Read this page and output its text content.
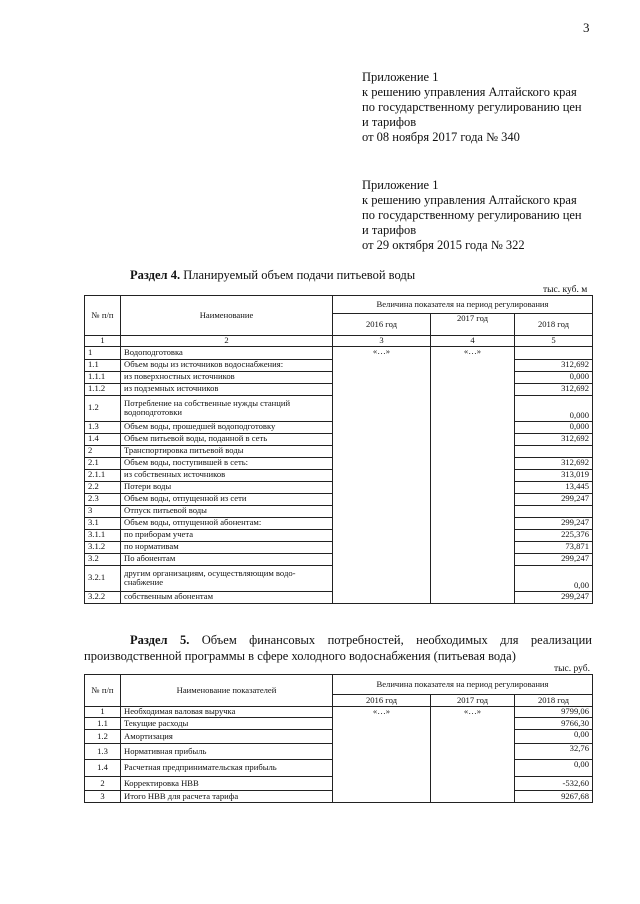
3
Приложение 1
к решению управления Алтайского края
по государственному регулированию цен
и тарифов
от 08 ноября 2017 года № 340
Приложение 1
к решению управления Алтайского края
по государственному регулированию цен
и тарифов
от 29 октября 2015 года № 322
Раздел 4. Планируемый объем подачи питьевой воды
тыс. куб. м
№ п/п	Наименование	Величина показателя на период регулирования		
		2016 год	2017 год	2018 год
1	2	3	4	5
1	Водоподготовка	«…»	«…»	
1.1	Объем воды из источников водоснабжения:			312,692
1.1.1	из поверхностных источников			0,000
1.1.2	из подземных источников			312,692
1.2	Потребление на собственные нужды станций водоподготовки			0,000
1.3	Объем воды, прошедшей водоподготовку			0,000
1.4	Объем питьевой воды, поданной в сеть			312,692
2	Транспортировка питьевой воды			
2.1	Объем воды, поступившей в сеть:			312,692
2.1.1	из собственных источников			313,019
2.2	Потери воды			13,445
2.3	Объем воды, отпущенной из сети			299,247
3	Отпуск питьевой воды			
3.1	Объем воды, отпущенной абонентам:			299,247
3.1.1	по приборам учета			225,376
3.1.2	по нормативам			73,871
3.2	По абонентам			299,247
3.2.1	другим организациям, осуществляющим водо-снабжение			0,00
3.2.2	собственным абонентам			299,247
Раздел 5. Объем финансовых потребностей, необходимых для реализации производственной программы в сфере холодного водоснабжения (питьевая вода)
тыс. руб.
№ п/п	Наименование показателей	Величина показателя на период регулирования		
		2016 год	2017 год	2018 год
1	Необходимая валовая выручка	«…»	«…»	9799,06
1.1	Текущие расходы			9766,30
1.2	Амортизация			0,00
1.3	Нормативная прибыль			32,76
1.4	Расчетная предпринимательская прибыль			0,00
2	Корректировка НВВ			-532,60
3	Итого НВВ для расчета тарифа			9267,68
